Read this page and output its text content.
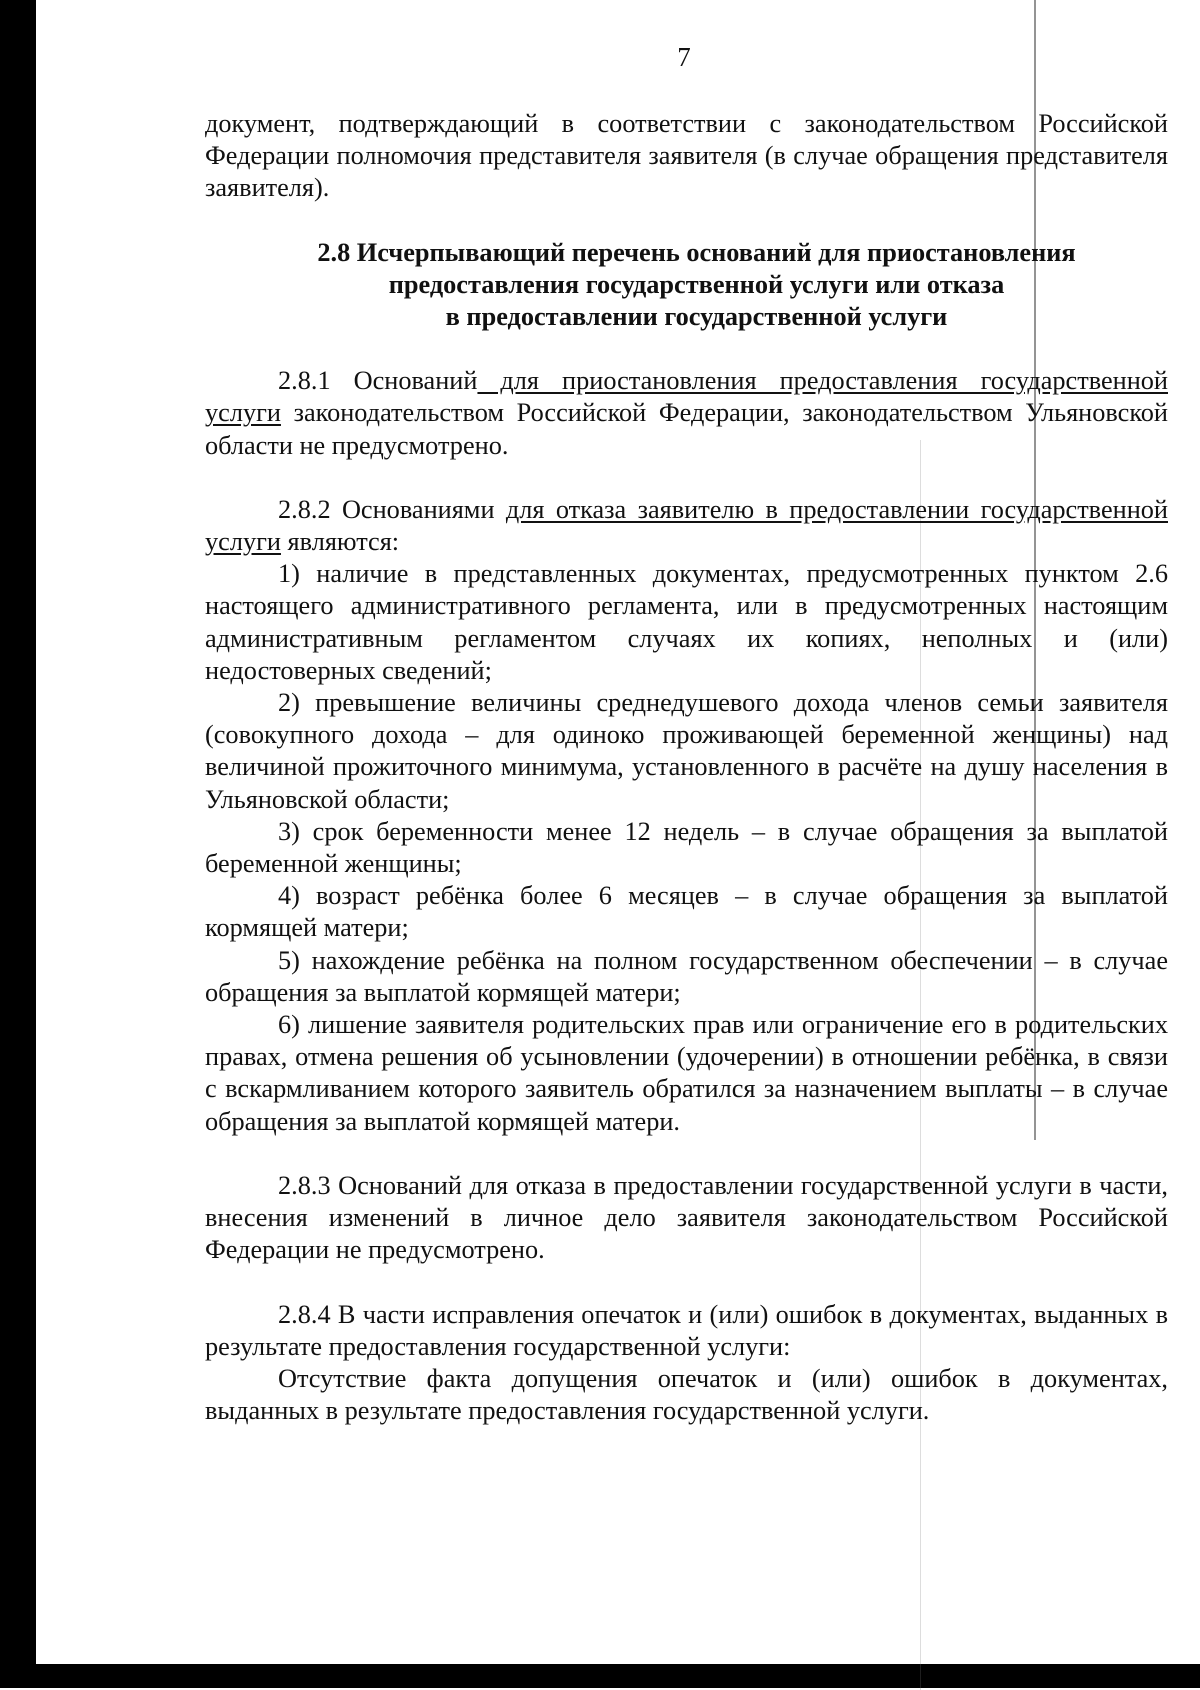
7

документ, подтверждающий в соответствии с законодательством Российской Федерации полномочия представителя заявителя (в случае обращения представителя заявителя).

2.8 Исчерпывающий перечень оснований для приостановления
предоставления государственной услуги или отказа
в предоставлении государственной услуги

2.8.1 Оснований для приостановления предоставления государственной услуги законодательством Российской Федерации, законодательством Ульяновской области не предусмотрено.

2.8.2 Основаниями для отказа заявителю в предоставлении государственной услуги являются:

1) наличие в представленных документах, предусмотренных пунктом 2.6 настоящего административного регламента, или в предусмотренных настоящим административным регламентом случаях их копиях, неполных и (или) недостоверных сведений;

2) превышение величины среднедушевого дохода членов семьи заявителя (совокупного дохода – для одиноко проживающей беременной женщины) над величиной прожиточного минимума, установленного в расчёте на душу населения в Ульяновской области;

3) срок беременности менее 12 недель – в случае обращения за выплатой беременной женщины;

4) возраст ребёнка более 6 месяцев – в случае обращения за выплатой кормящей матери;

5) нахождение ребёнка на полном государственном обеспечении – в случае обращения за выплатой кормящей матери;

6) лишение заявителя родительских прав или ограничение его в родительских правах, отмена решения об усыновлении (удочерении) в отношении ребёнка, в связи с вскармливанием которого заявитель обратился за назначением выплаты – в случае обращения за выплатой кормящей матери.

2.8.3 Оснований для отказа в предоставлении государственной услуги в части, внесения изменений в личное дело заявителя законодательством Российской Федерации не предусмотрено.

2.8.4 В части исправления опечаток и (или) ошибок в документах, выданных в результате предоставления государственной услуги:

Отсутствие факта допущения опечаток и (или) ошибок в документах, выданных в результате предоставления государственной услуги.
